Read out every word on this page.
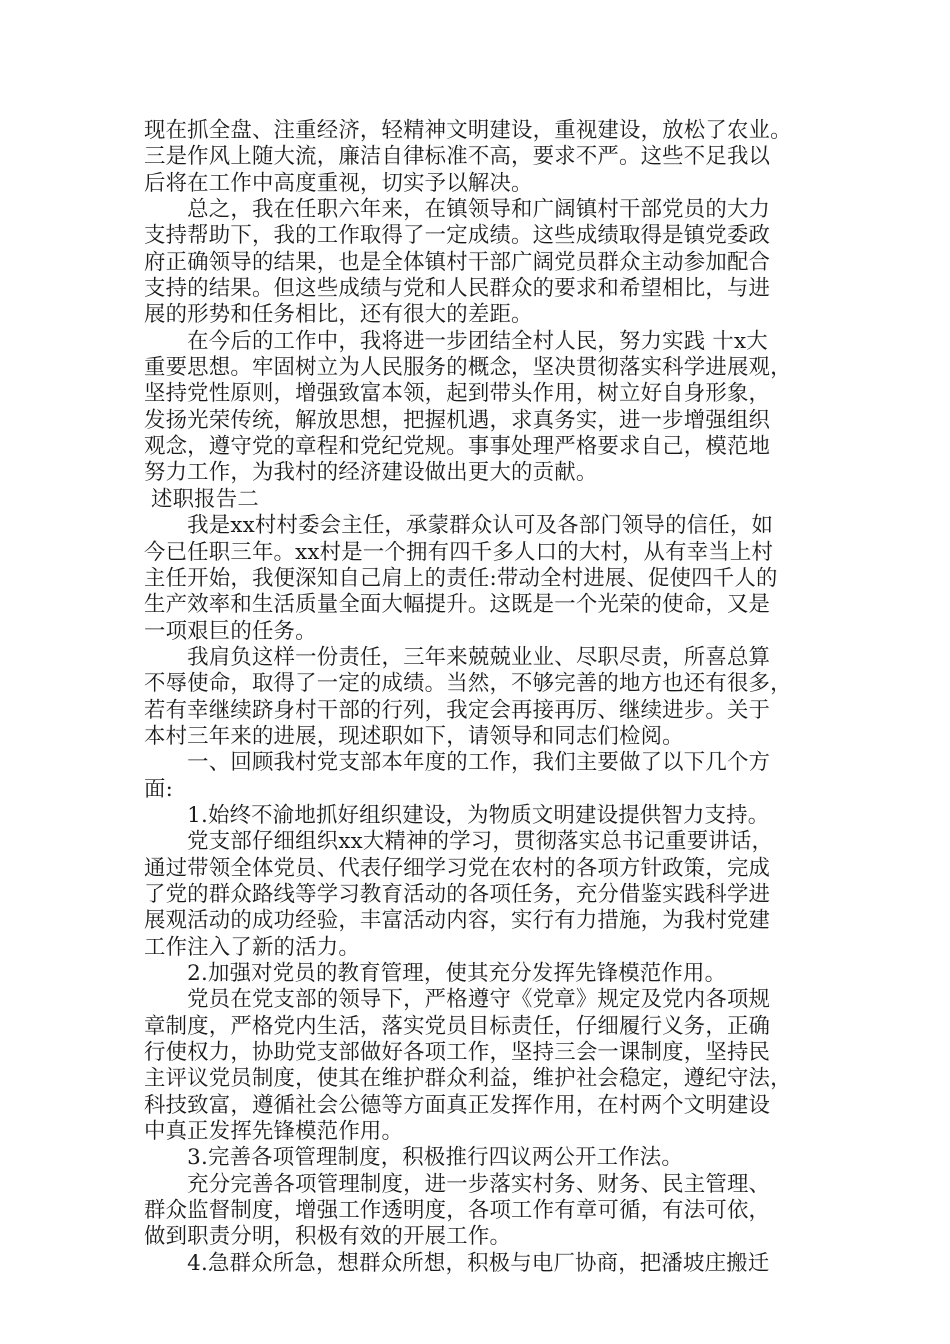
现在抓全盘、注重经济，轻精神文明建设，重视建设，放松了农业。
三是作风上随大流，廉洁自律标准不高，要求不严。这些不足我以
后将在工作中高度重视，切实予以解决。
　　总之，我在任职六年来，在镇领导和广阔镇村干部党员的大力
支持帮助下，我的工作取得了一定成绩。这些成绩取得是镇党委政
府正确领导的结果，也是全体镇村干部广阔党员群众主动参加配合
支持的结果。但这些成绩与党和人民群众的要求和希望相比，与进
展的形势和任务相比，还有很大的差距。
　　在今后的工作中，我将进一步团结全村人民，努力实践 十x大
重要思想。牢固树立为人民服务的概念，坚决贯彻落实科学进展观，
坚持党性原则，增强致富本领，起到带头作用，树立好自身形象，
发扬光荣传统，解放思想，把握机遇，求真务实，进一步增强组织
观念，遵守党的章程和党纪党规。事事处理严格要求自己，模范地
努力工作，为我村的经济建设做出更大的贡献。
述职报告二
　　我是xx村村委会主任，承蒙群众认可及各部门领导的信任，如
今已任职三年。xx村是一个拥有四千多人口的大村，从有幸当上村
主任开始，我便深知自己肩上的责任:带动全村进展、促使四千人的
生产效率和生活质量全面大幅提升。这既是一个光荣的使命，又是
一项艰巨的任务。
　　我肩负这样一份责任，三年来兢兢业业、尽职尽责，所喜总算
不辱使命，取得了一定的成绩。当然，不够完善的地方也还有很多，
若有幸继续跻身村干部的行列，我定会再接再厉、继续进步。关于
本村三年来的进展，现述职如下，请领导和同志们检阅。
　　一、回顾我村党支部本年度的工作，我们主要做了以下几个方
面:
　　1.始终不渝地抓好组织建设，为物质文明建设提供智力支持。
　　党支部仔细组织xx大精神的学习，贯彻落实总书记重要讲话，
通过带领全体党员、代表仔细学习党在农村的各项方针政策，完成
了党的群众路线等学习教育活动的各项任务，充分借鉴实践科学进
展观活动的成功经验，丰富活动内容，实行有力措施，为我村党建
工作注入了新的活力。
　　2.加强对党员的教育管理，使其充分发挥先锋模范作用。
　　党员在党支部的领导下，严格遵守《党章》规定及党内各项规
章制度，严格党内生活，落实党员目标责任，仔细履行义务，正确
行使权力，协助党支部做好各项工作，坚持三会一课制度，坚持民
主评议党员制度，使其在维护群众利益，维护社会稳定，遵纪守法，
科技致富，遵循社会公德等方面真正发挥作用，在村两个文明建设
中真正发挥先锋模范作用。
　　3.完善各项管理制度，积极推行四议两公开工作法。
　　充分完善各项管理制度，进一步落实村务、财务、民主管理、
群众监督制度，增强工作透明度，各项工作有章可循，有法可依，
做到职责分明，积极有效的开展工作。
　　4.急群众所急，想群众所想，积极与电厂协商，把潘坡庄搬迁
